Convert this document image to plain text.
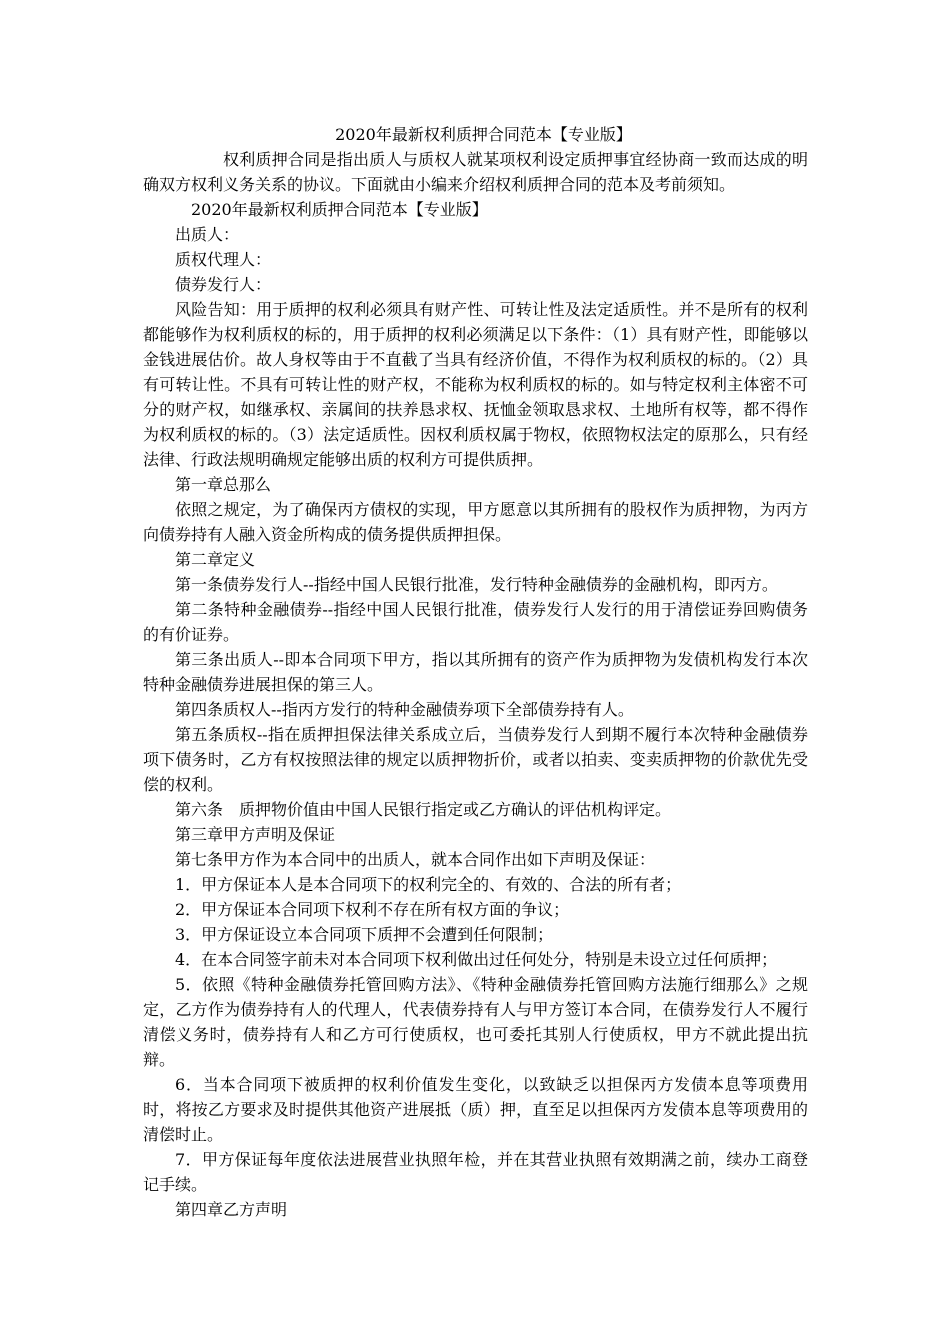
2020年最新权利质押合同范本【专业版】

权利质押合同是指出质人与质权人就某项权利设定质押事宜经协商一致而达成的明确双方权利义务关系的协议。下面就由小编来介绍权利质押合同的范本及考前须知。

2020年最新权利质押合同范本【专业版】

出质人：

质权代理人：

债券发行人：

风险告知：用于质押的权利必须具有财产性、可转让性及法定适质性。并不是所有的权利都能够作为权利质权的标的，用于质押的权利必须满足以下条件：（1）具有财产性，即能够以金钱进展估价。故人身权等由于不直截了当具有经济价值，不得作为权利质权的标的。（2）具有可转让性。不具有可转让性的财产权，不能称为权利质权的标的。如与特定权利主体密不可分的财产权，如继承权、亲属间的扶养恳求权、抚恤金领取恳求权、土地所有权等，都不得作为权利质权的标的。（3）法定适质性。因权利质权属于物权，依照物权法定的原那么，只有经法律、行政法规明确规定能够出质的权利方可提供质押。

第一章总那么

依照之规定，为了确保丙方债权的实现，甲方愿意以其所拥有的股权作为质押物，为丙方向债券持有人融入资金所构成的债务提供质押担保。

第二章定义

第一条债券发行人--指经中国人民银行批准，发行特种金融债券的金融机构，即丙方。

第二条特种金融债券--指经中国人民银行批准，债券发行人发行的用于清偿证券回购债务的有价证券。

第三条出质人--即本合同项下甲方，指以其所拥有的资产作为质押物为发债机构发行本次特种金融债券进展担保的第三人。

第四条质权人--指丙方发行的特种金融债券项下全部债券持有人。

第五条质权--指在质押担保法律关系成立后，当债券发行人到期不履行本次特种金融债券项下债务时，乙方有权按照法律的规定以质押物折价，或者以拍卖、变卖质押物的价款优先受偿的权利。

第六条　质押物价值由中国人民银行指定或乙方确认的评估机构评定。

第三章甲方声明及保证

第七条甲方作为本合同中的出质人，就本合同作出如下声明及保证：

1．甲方保证本人是本合同项下的权利完全的、有效的、合法的所有者；

2．甲方保证本合同项下权利不存在所有权方面的争议；

3．甲方保证设立本合同项下质押不会遭到任何限制；

4．在本合同签字前未对本合同项下权利做出过任何处分，特别是未设立过任何质押；

5．依照《特种金融债券托管回购方法》、《特种金融债券托管回购方法施行细那么》之规定，乙方作为债券持有人的代理人，代表债券持有人与甲方签订本合同，在债券发行人不履行清偿义务时，债券持有人和乙方可行使质权，也可委托其别人行使质权，甲方不就此提出抗辩。

6．当本合同项下被质押的权利价值发生变化，以致缺乏以担保丙方发债本息等项费用时，将按乙方要求及时提供其他资产进展抵（质）押，直至足以担保丙方发债本息等项费用的清偿时止。

7．甲方保证每年度依法进展营业执照年检，并在其营业执照有效期满之前，续办工商登记手续。

第四章乙方声明
